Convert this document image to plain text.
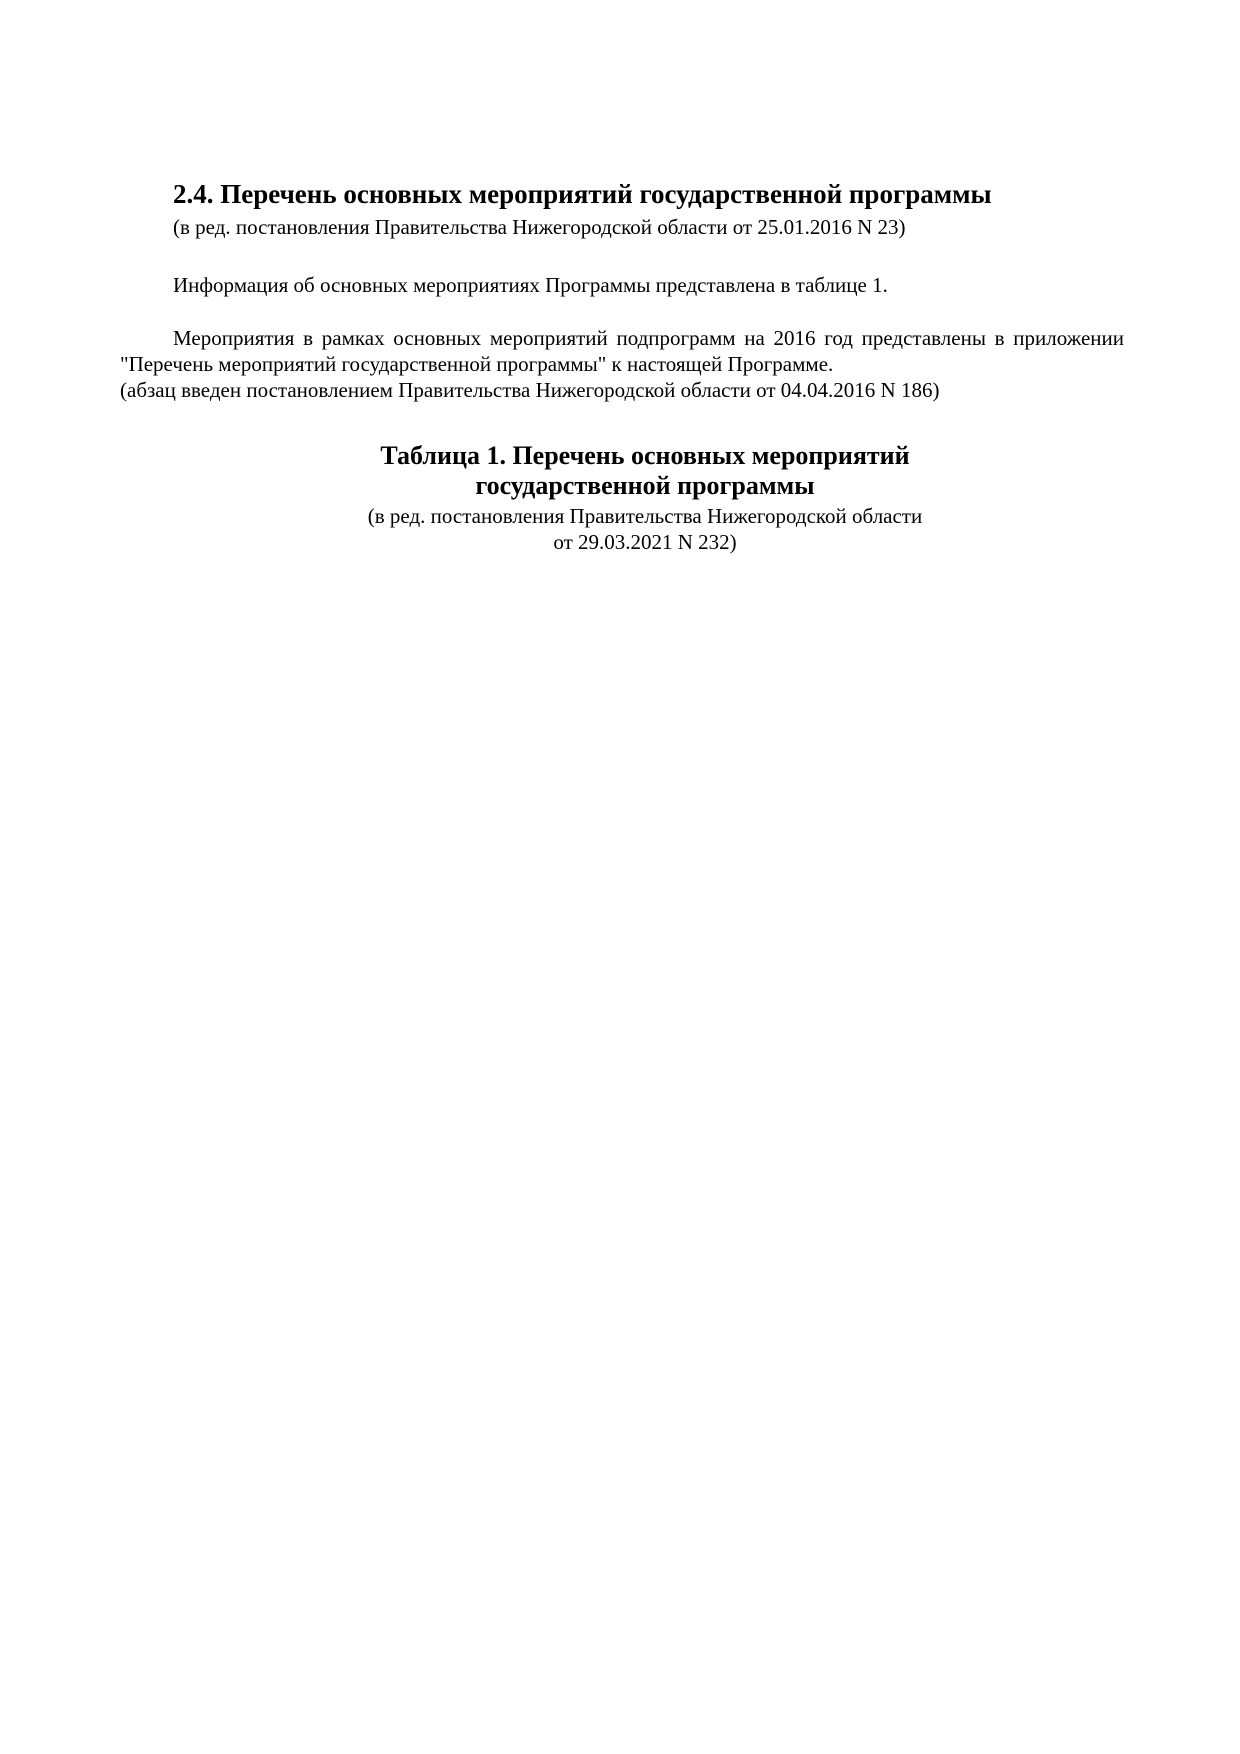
2.4. Перечень основных мероприятий государственной программы
(в ред. постановления Правительства Нижегородской области от 25.01.2016 N 23)
Информация об основных мероприятиях Программы представлена в таблице 1.

Мероприятия в рамках основных мероприятий подпрограмм на 2016 год представлены в приложении "Перечень мероприятий государственной программы" к настоящей Программе.

(абзац введен постановлением Правительства Нижегородской области от 04.04.2016 N 186)
Таблица 1. Перечень основных мероприятий
государственной программы
(в ред. постановления Правительства Нижегородской области
от 29.03.2021 N 232)
